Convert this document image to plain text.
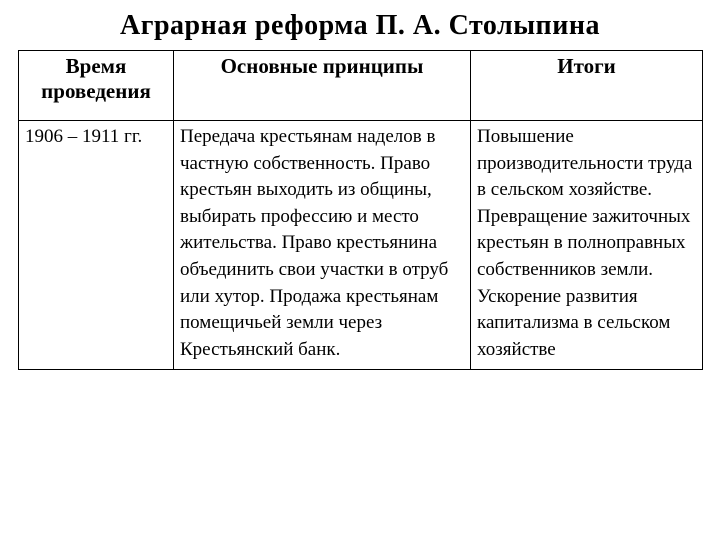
Аграрная реформа П. А. Столыпина
Время проведения	Основные принципы	Итоги
1906 – 1911 гг.	Передача крестьянам наделов в частную собственность. Право крестьян выходить из общины, выбирать профессию и место жительства. Право крестьянина объединить свои участки в отруб или хутор. Продажа крестьянам помещичьей земли через Крестьянский банк.	Повышение производительности труда в сельском хозяйстве. Превращение зажиточных крестьян в полноправных собственников земли. Ускорение развития капитализма в сельском хозяйстве
